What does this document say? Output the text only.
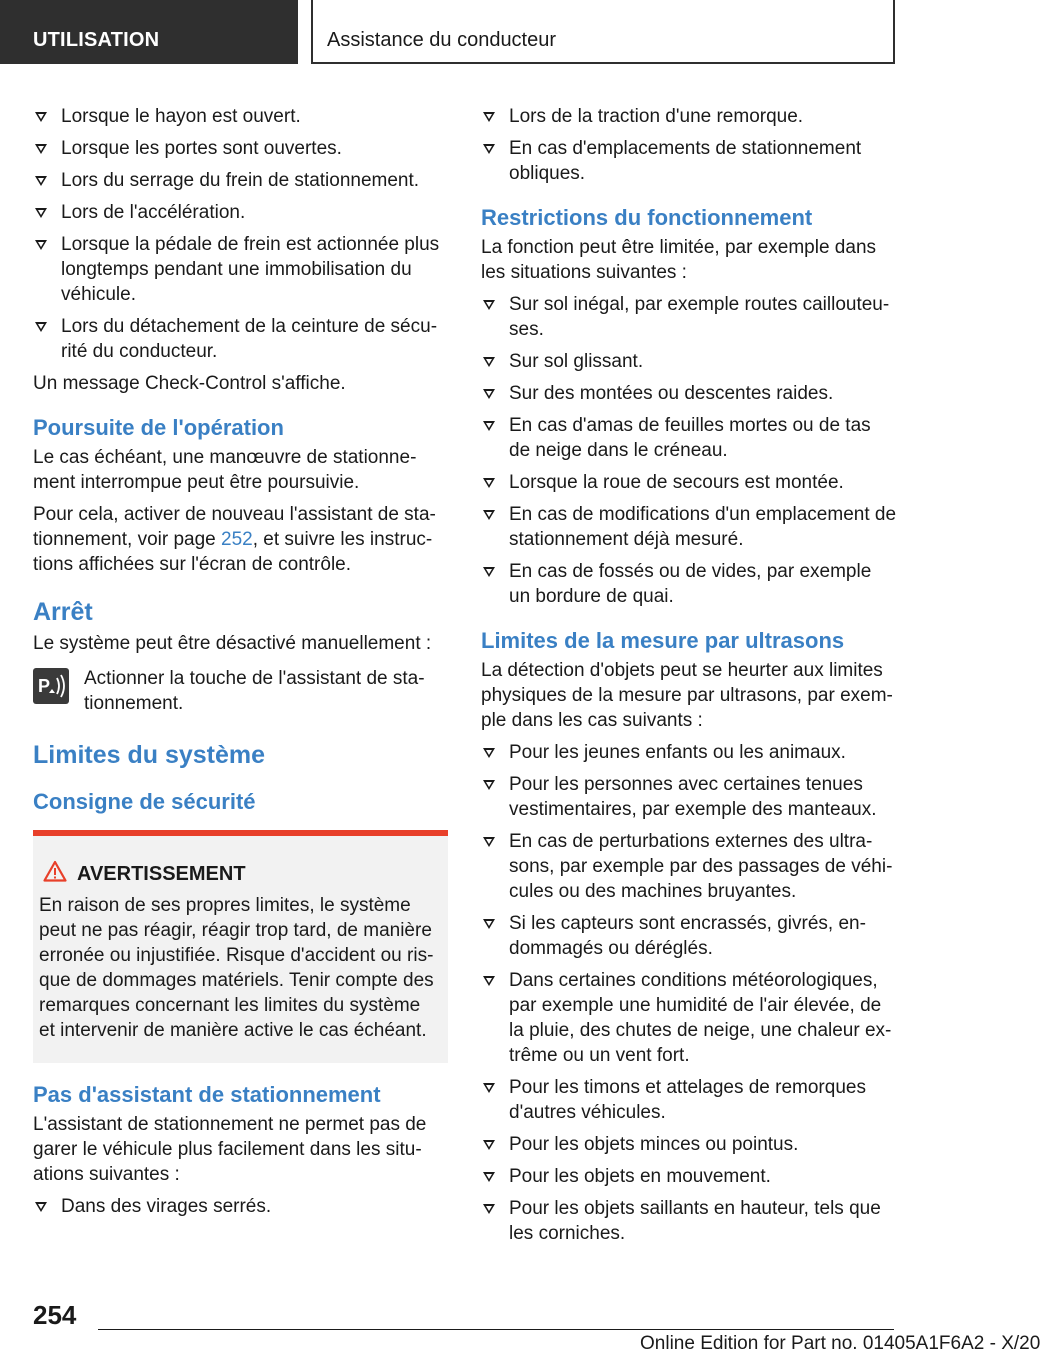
UTILISATION	Assistance du conducteur
Lorsque le hayon est ouvert.
Lorsque les portes sont ouvertes.
Lors du serrage du frein de stationnement.
Lors de l'accélération.
Lorsque la pédale de frein est actionnée plus longtemps pendant une immobilisation du véhicule.
Lors du détachement de la ceinture de sécurité du conducteur.

Un message Check-Control s'affiche.

Poursuite de l'opération

Le cas échéant, une manœuvre de stationnement interrompue peut être poursuivie.

Pour cela, activer de nouveau l'assistant de stationnement, voir page 252, et suivre les instructions affichées sur l'écran de contrôle.

Arrêt

Le système peut être désactivé manuellement :

P Actionner la touche de l'assistant de stationnement.
Limites du système
Consigne de sécurité
AVERTISSEMENT
En raison de ses propres limites, le système peut ne pas réagir, réagir trop tard, de manière erronée ou injustifiée. Risque d'accident ou risque de dommages matériels. Tenir compte des remarques concernant les limites du système et intervenir de manière active le cas échéant.
Pas d'assistant de stationnement

L'assistant de stationnement ne permet pas de garer le véhicule plus facilement dans les situations suivantes :

Dans des virages serrés.
Lors de la traction d'une remorque.
En cas d'emplacements de stationnement obliques.
Restrictions du fonctionnement

La fonction peut être limitée, par exemple dans les situations suivantes :

Sur sol inégal, par exemple routes caillouteuses.
Sur sol glissant.
Sur des montées ou descentes raides.
En cas d'amas de feuilles mortes ou de tas de neige dans le créneau.
Lorsque la roue de secours est montée.
En cas de modifications d'un emplacement de stationnement déjà mesuré.
En cas de fossés ou de vides, par exemple un bordure de quai.
Limites de la mesure par ultrasons

La détection d'objets peut se heurter aux limites physiques de la mesure par ultrasons, par exemple dans les cas suivants :

Pour les jeunes enfants ou les animaux.
Pour les personnes avec certaines tenues vestimentaires, par exemple des manteaux.
En cas de perturbations externes des ultrasons, par exemple par des passages de véhicules ou des machines bruyantes.
Si les capteurs sont encrassés, givrés, endommagés ou déréglés.
Dans certaines conditions météorologiques, par exemple une humidité de l'air élevée, de la pluie, des chutes de neige, une chaleur extrême ou un vent fort.
Pour les timons et attelages de remorques d'autres véhicules.
Pour les objets minces ou pointus.
Pour les objets en mouvement.
Pour les objets saillants en hauteur, tels que les corniches.
254
Online Edition for Part no. 01405A1F6A2 - X/20
